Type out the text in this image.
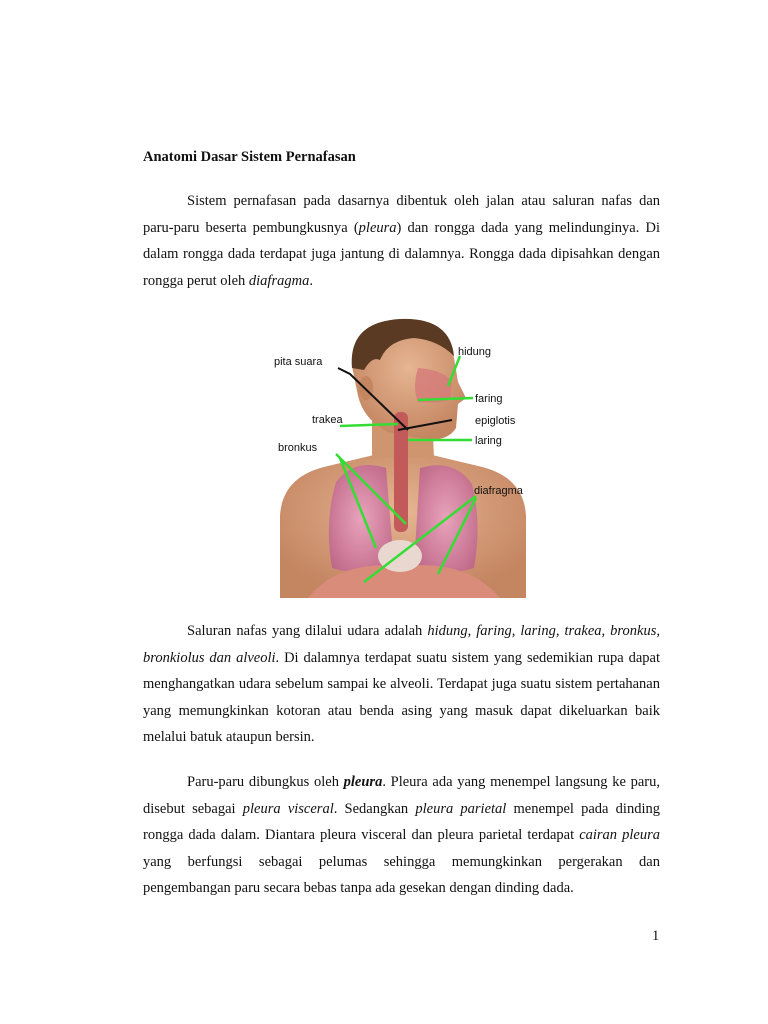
Anatomi Dasar Sistem Pernafasan

Sistem pernafasan pada dasarnya dibentuk oleh jalan atau saluran nafas dan paru-paru beserta pembungkusnya (pleura) dan rongga dada yang melindunginya. Di dalam rongga dada terdapat juga jantung di dalamnya. Rongga dada dipisahkan dengan rongga perut oleh diafragma.

pita suara
trakea
bronkus
hidung
faring
epiglotis
laring
diafragma

Saluran nafas yang dilalui udara adalah hidung, faring, laring, trakea, bronkus, bronkiolus dan alveoli. Di dalamnya terdapat suatu sistem yang sedemikian rupa dapat menghangatkan udara sebelum sampai ke alveoli. Terdapat juga suatu sistem pertahanan yang memungkinkan kotoran atau benda asing yang masuk dapat dikeluarkan baik melalui batuk ataupun bersin.

Paru-paru dibungkus oleh pleura. Pleura ada yang menempel langsung ke paru, disebut sebagai pleura visceral. Sedangkan pleura parietal menempel pada dinding rongga dada dalam. Diantara pleura visceral dan pleura parietal terdapat cairan pleura yang berfungsi sebagai pelumas sehingga memungkinkan pergerakan dan pengembangan paru secara bebas tanpa ada gesekan dengan dinding dada.

1
